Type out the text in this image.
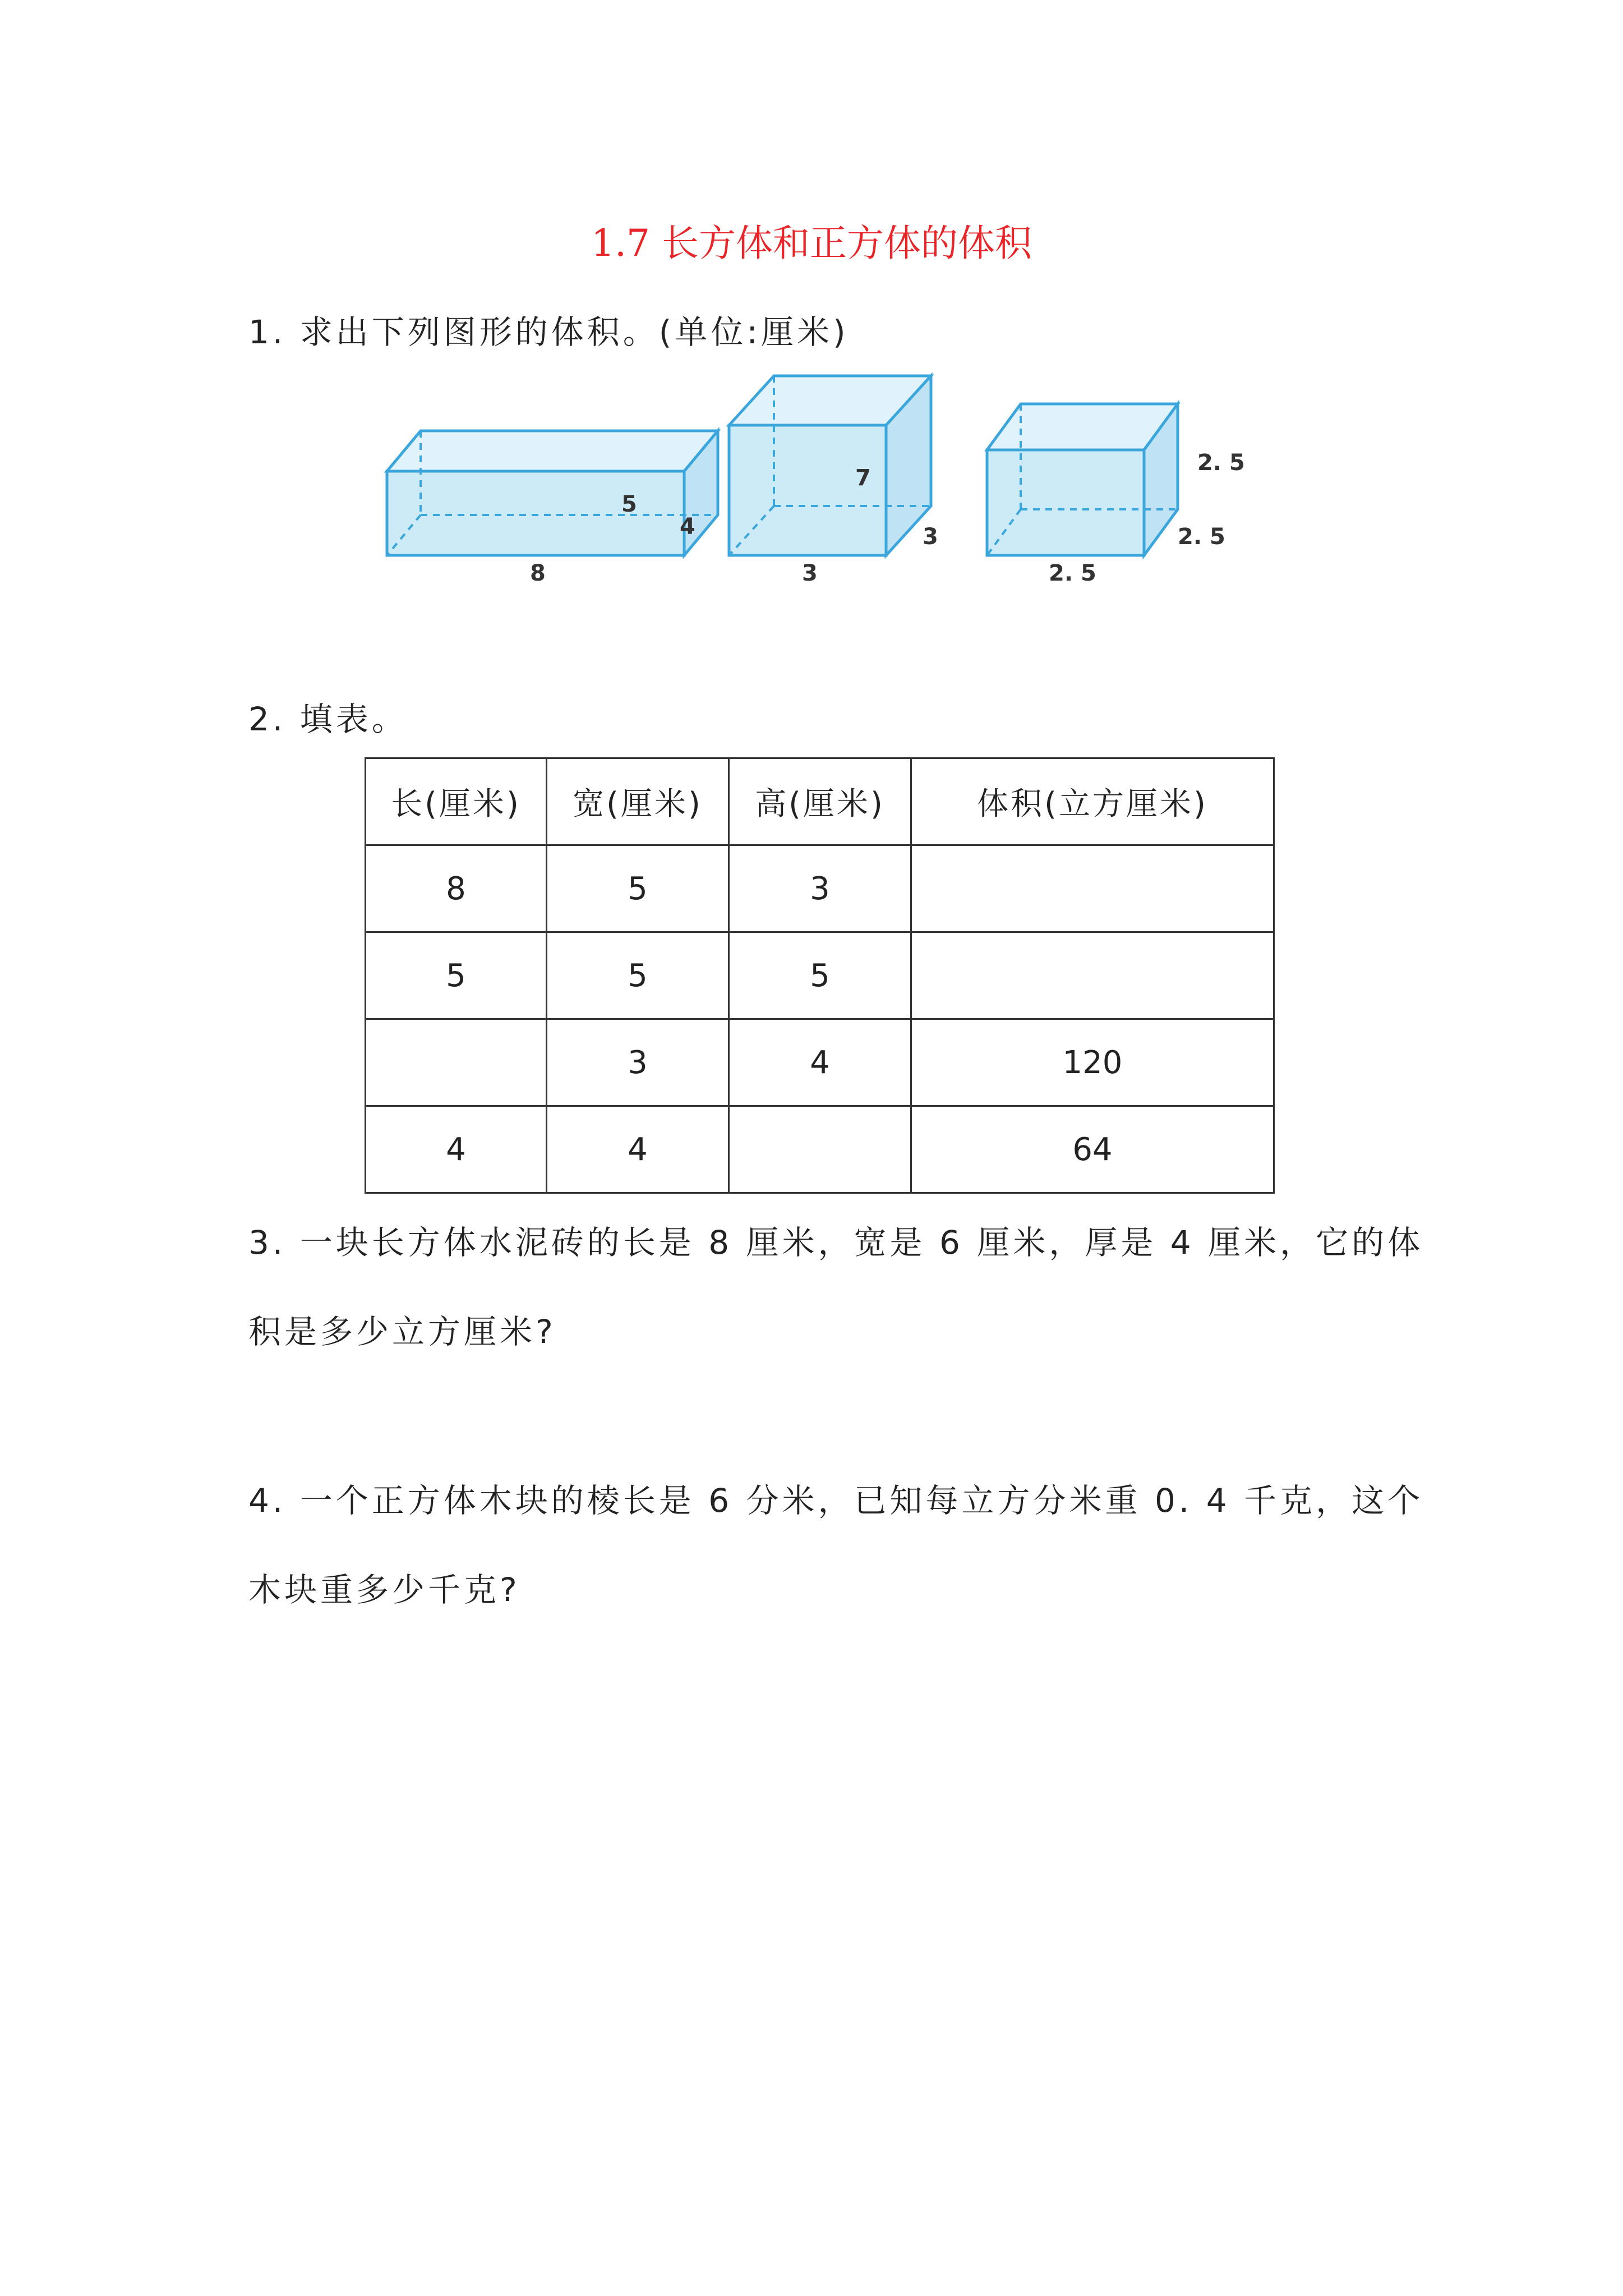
1.7 长方体和正方体的体积
1. 求出下列图形的体积。(单位:厘米)
5
4
8
7
3
3
2. 5
2. 5
2. 5
2. 填表。
长(厘米)	宽(厘米)	高(厘米)	体积(立方厘米)
8	5	3	
5	5	5	
	3	4	120
4	4		64
3. 一块长方体水泥砖的长是 8 厘米，宽是 6 厘米，厚是 4 厘米，它的体
积是多少立方厘米?
4. 一个正方体木块的棱长是 6 分米，已知每立方分米重 0. 4 千克，这个
木块重多少千克?
